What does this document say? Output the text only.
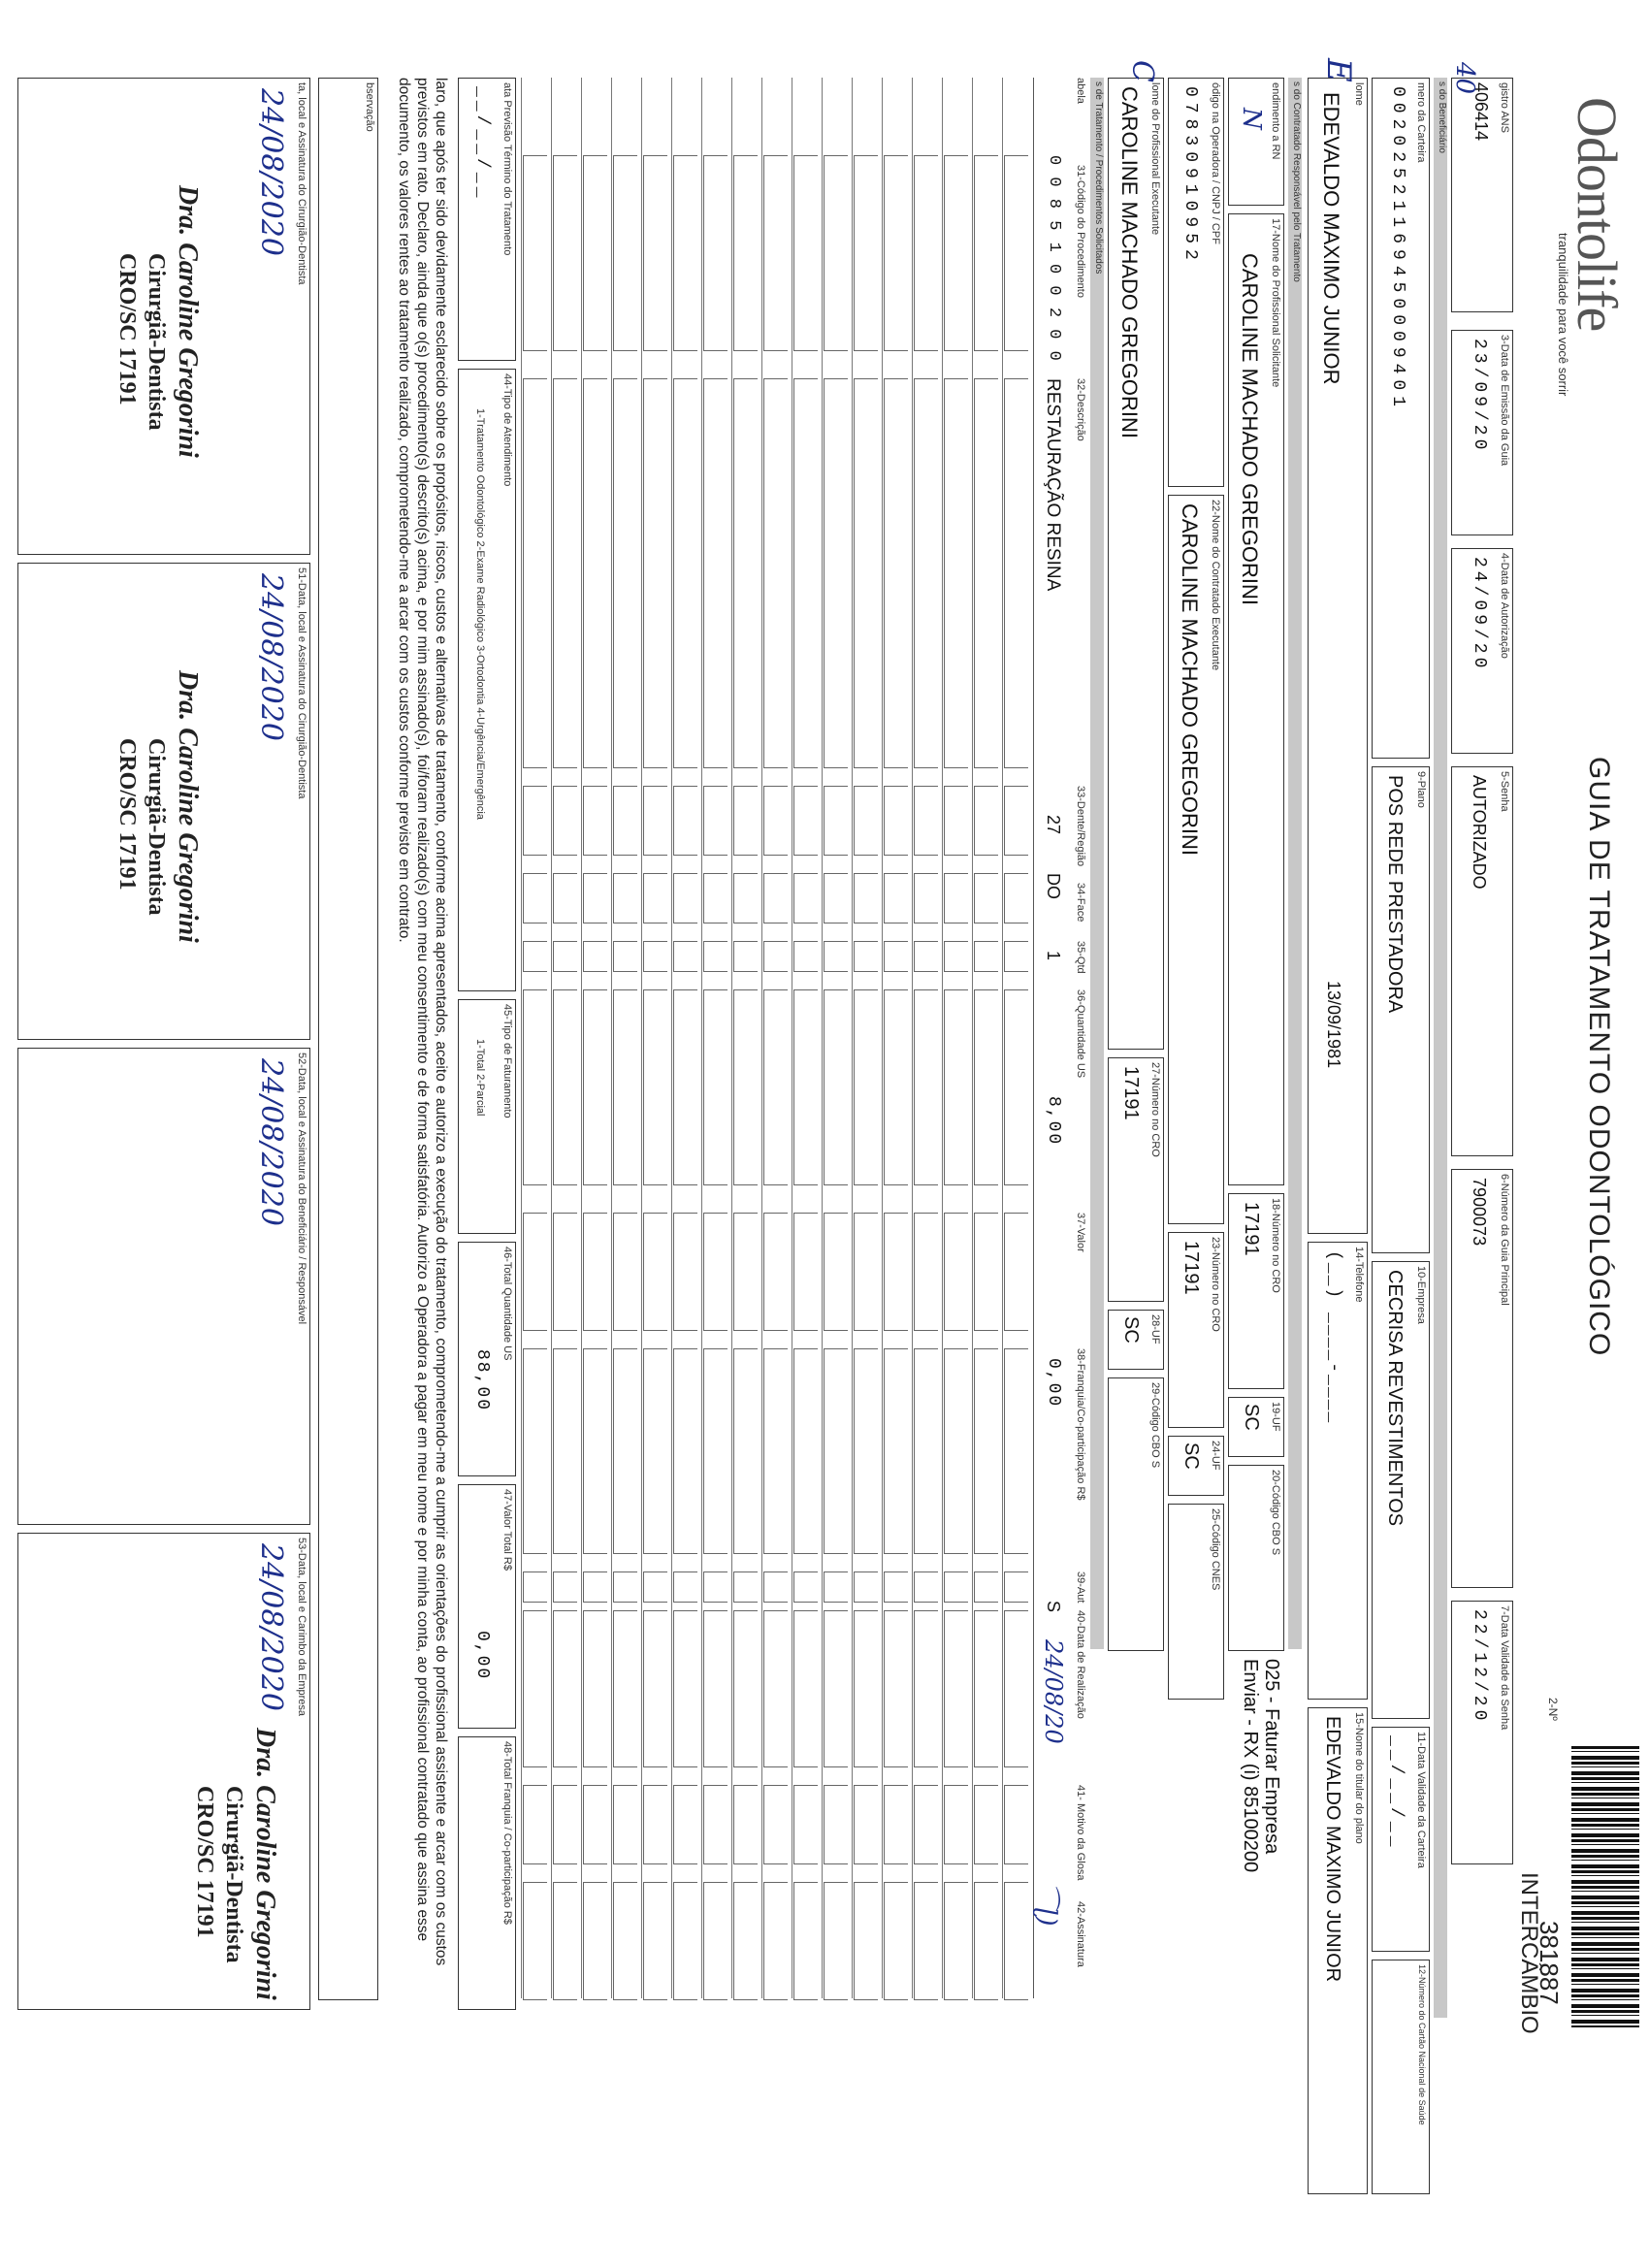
Odontolife
tranquilidade para você sorrir
GUIA DE TRATAMENTO ODONTOLÓGICO
2-Nº
381887
INTERCÂMBIO
gistro ANS
406414
3-Data de Emissão da Guia
23/09/20
4-Data de Autorização
24/09/20
5-Senha
AUTORIZADO
6-Número da Guia Principal
7900073
7-Data Validade da Senha
22/12/20
40
s do Beneficiário
mero da Carteira
00202521169450009401
9-Plano
POS REDE PRESTADORA
10-Empresa
CECRISA REVESTIMENTOS
11-Data Validade da Carteira
__/__/__
12-Número do Cartão Nacional de Saúde
lome
EDEVALDO MAXIMO JUNIOR
13/09/1981
14-Telefone
(__) ____-____
15-Nome do titular do plano
EDEVALDO MAXIMO JUNIOR
E
s do Contratado Responsável pelo Tratamento
endimento a RN
N
17-Nome do Profissional Solicitante
CAROLINE MACHADO GREGORINI
18-Número no CRO
17191
19-UF
SC
20-Código CBO S
025 - Faturar Empresa Enviar - RX (i) 85100200
ódigo na Operadora / CNPJ / CPF
07830910952
22-Nome do Contratado Executante
CAROLINE MACHADO GREGORINI
23-Número no CRO
17191
24-UF
SC
25-Código CNES
lome do Profissional Executante
CAROLINE MACHADO GREGORINI
27-Número no CRO
17191
28-UF
SC
29-Código CBO S
C
s de Tratamento / Procedimentos Solicitados
abela
31-Código do Procedimento
32-Descrição
33-Dente/Região
34-Face
35-Qtd
36-Quantidade US
37-Valor
38-Franquia/Co-participação R$
39-Aut
40-Data de Realização
41- Motivo da Glosa
42-Assinatura
0 0 8 5 1 0 0 2 0 0
RESTAURAÇÃO RESINA
27
DO
1
8,00
0,00
S
24/08/20
⌒ɭ)
ata Previsão Término do Tratamento
__/__/__
44-Tipo de Atendimento
1-Tratamento Odontológico 2-Exame Radiológico 3-Ortodontia 4-Urgência/Emergência
45-Tipo de Faturamento
1-Total 2-Parcial
46-Total Quantidade US
88,00
47-Valor Total R$
0,00
48-Total Franquia / Co-participação R$
laro, que após ter sido devidamente esclarecido sobre os propósitos, riscos, custos e alternativas de tratamento, conforme acima apresentados, aceito e autorizo a execução do tratamento, comprometendo-me a cumprir as orientações do profissional assistente e arcar com os custos previstos em rato. Declaro, ainda que o(s) procedimento(s) descrito(s) acima, e por mim assinado(s), foi/foram realizado(s) com meu consentimento e de forma satisfatória. Autorizo a Operadora a pagar em meu nome e por minha conta, ao profissional contratado que assina esse documento, os valores rentes ao tratamento realizado, comprometendo-me a arcar com os custos conforme previsto em contrato.
bservação
ta, local e Assinatura do Cirurgião-Dentista
24/08/2020
Dra. Caroline Gregorini
Cirurgiã-Dentista
CRO/SC 17191
51-Data, local e Assinatura do Cirurgião-Dentista
24/08/2020
Dra. Caroline Gregorini
Cirurgiã-Dentista
CRO/SC 17191
52-Data, local e Assinatura do Beneficiário / Responsável
24/08/2020
53-Data, local e Carimbo da Empresa
24/08/2020
Dra. Caroline Gregorini
Cirurgiã-Dentista
CRO/SC 17191
